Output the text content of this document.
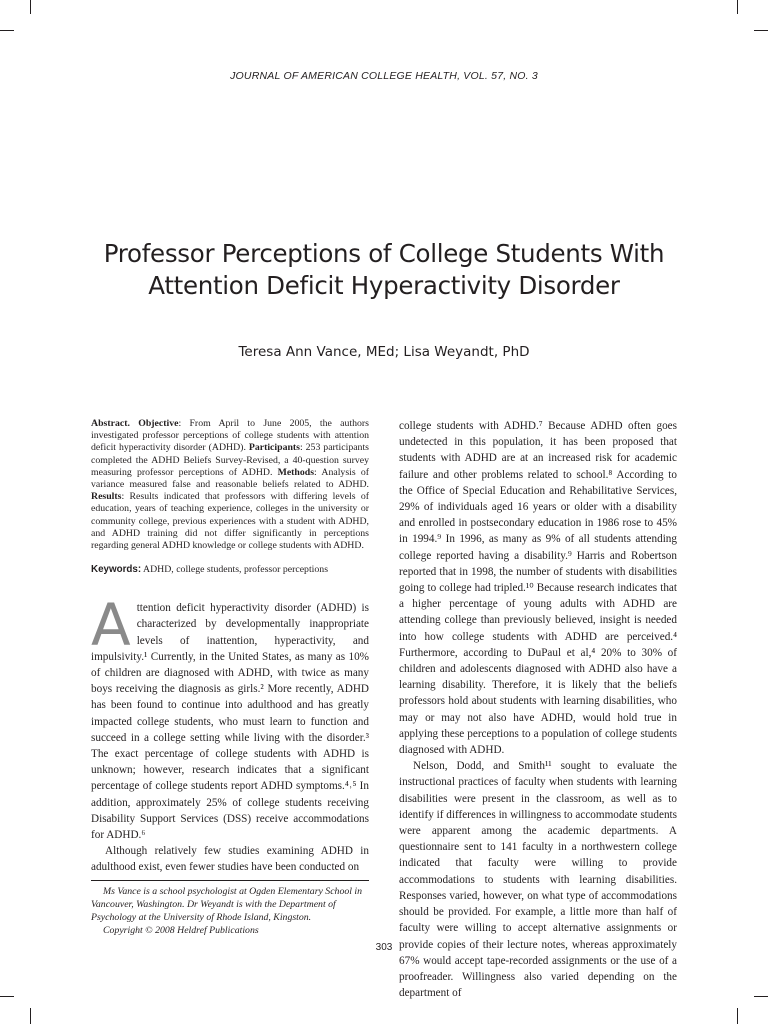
JOURNAL OF AMERICAN COLLEGE HEALTH, VOL. 57, NO. 3
Professor Perceptions of College Students With
Attention Deficit Hyperactivity Disorder
Teresa Ann Vance, MEd; Lisa Weyandt, PhD

Abstract. Objective: From April to June 2005, the authors investigated professor perceptions of college students with attention deficit hyperactivity disorder (ADHD). Participants: 253 participants completed the ADHD Beliefs Survey-Revised, a 40-question survey measuring professor perceptions of ADHD. Methods: Analysis of variance measured false and reasonable beliefs related to ADHD. Results: Results indicated that professors with differing levels of education, years of teaching experience, colleges in the university or community college, previous experiences with a student with ADHD, and ADHD training did not differ significantly in perceptions regarding general ADHD knowledge or college students with ADHD.

Keywords: ADHD, college students, professor perceptions

Attention deficit hyperactivity disorder (ADHD) is characterized by developmentally inappropriate levels of inattention, hyperactivity, and impulsivity.¹ Currently, in the United States, as many as 10% of children are diagnosed with ADHD, with twice as many boys receiving the diagnosis as girls.² More recently, ADHD has been found to continue into adulthood and has greatly impacted college students, who must learn to function and succeed in a college setting while living with the disorder.³ The exact percentage of college students with ADHD is unknown; however, research indicates that a significant percentage of college students report ADHD symptoms.⁴˒⁵ In addition, approximately 25% of college students receiving Disability Support Services (DSS) receive accommodations for ADHD.⁶

Although relatively few studies examining ADHD in adulthood exist, even fewer studies have been conducted on

college students with ADHD.⁷ Because ADHD often goes undetected in this population, it has been proposed that students with ADHD are at an increased risk for academic failure and other problems related to school.⁸ According to the Office of Special Education and Rehabilitative Services, 29% of individuals aged 16 years or older with a disability and enrolled in postsecondary education in 1986 rose to 45% in 1994.⁹ In 1996, as many as 9% of all students attending college reported having a disability.⁹ Harris and Robertson reported that in 1998, the number of students with disabilities going to college had tripled.¹⁰ Because research indicates that a higher percentage of young adults with ADHD are attending college than previously believed, insight is needed into how college students with ADHD are perceived.⁴ Furthermore, according to DuPaul et al,⁴ 20% to 30% of children and adolescents diagnosed with ADHD also have a learning disability. Therefore, it is likely that the beliefs professors hold about students with learning disabilities, who may or may not also have ADHD, would hold true in applying these perceptions to a population of college students diagnosed with ADHD.

Nelson, Dodd, and Smith¹¹ sought to evaluate the instructional practices of faculty when students with learning disabilities were present in the classroom, as well as to identify if differences in willingness to accommodate students were apparent among the academic departments. A questionnaire sent to 141 faculty in a northwestern college indicated that faculty were willing to provide accommodations to students with learning disabilities. Responses varied, however, on what type of accommodations should be provided. For example, a little more than half of faculty were willing to accept alternative assignments or provide copies of their lecture notes, whereas approximately 67% would accept tape-recorded assignments or the use of a proofreader. Willingness also varied depending on the department of

Ms Vance is a school psychologist at Ogden Elementary School in Vancouver, Washington. Dr Weyandt is with the Department of Psychology at the University of Rhode Island, Kingston.
Copyright © 2008 Heldref Publications
303
